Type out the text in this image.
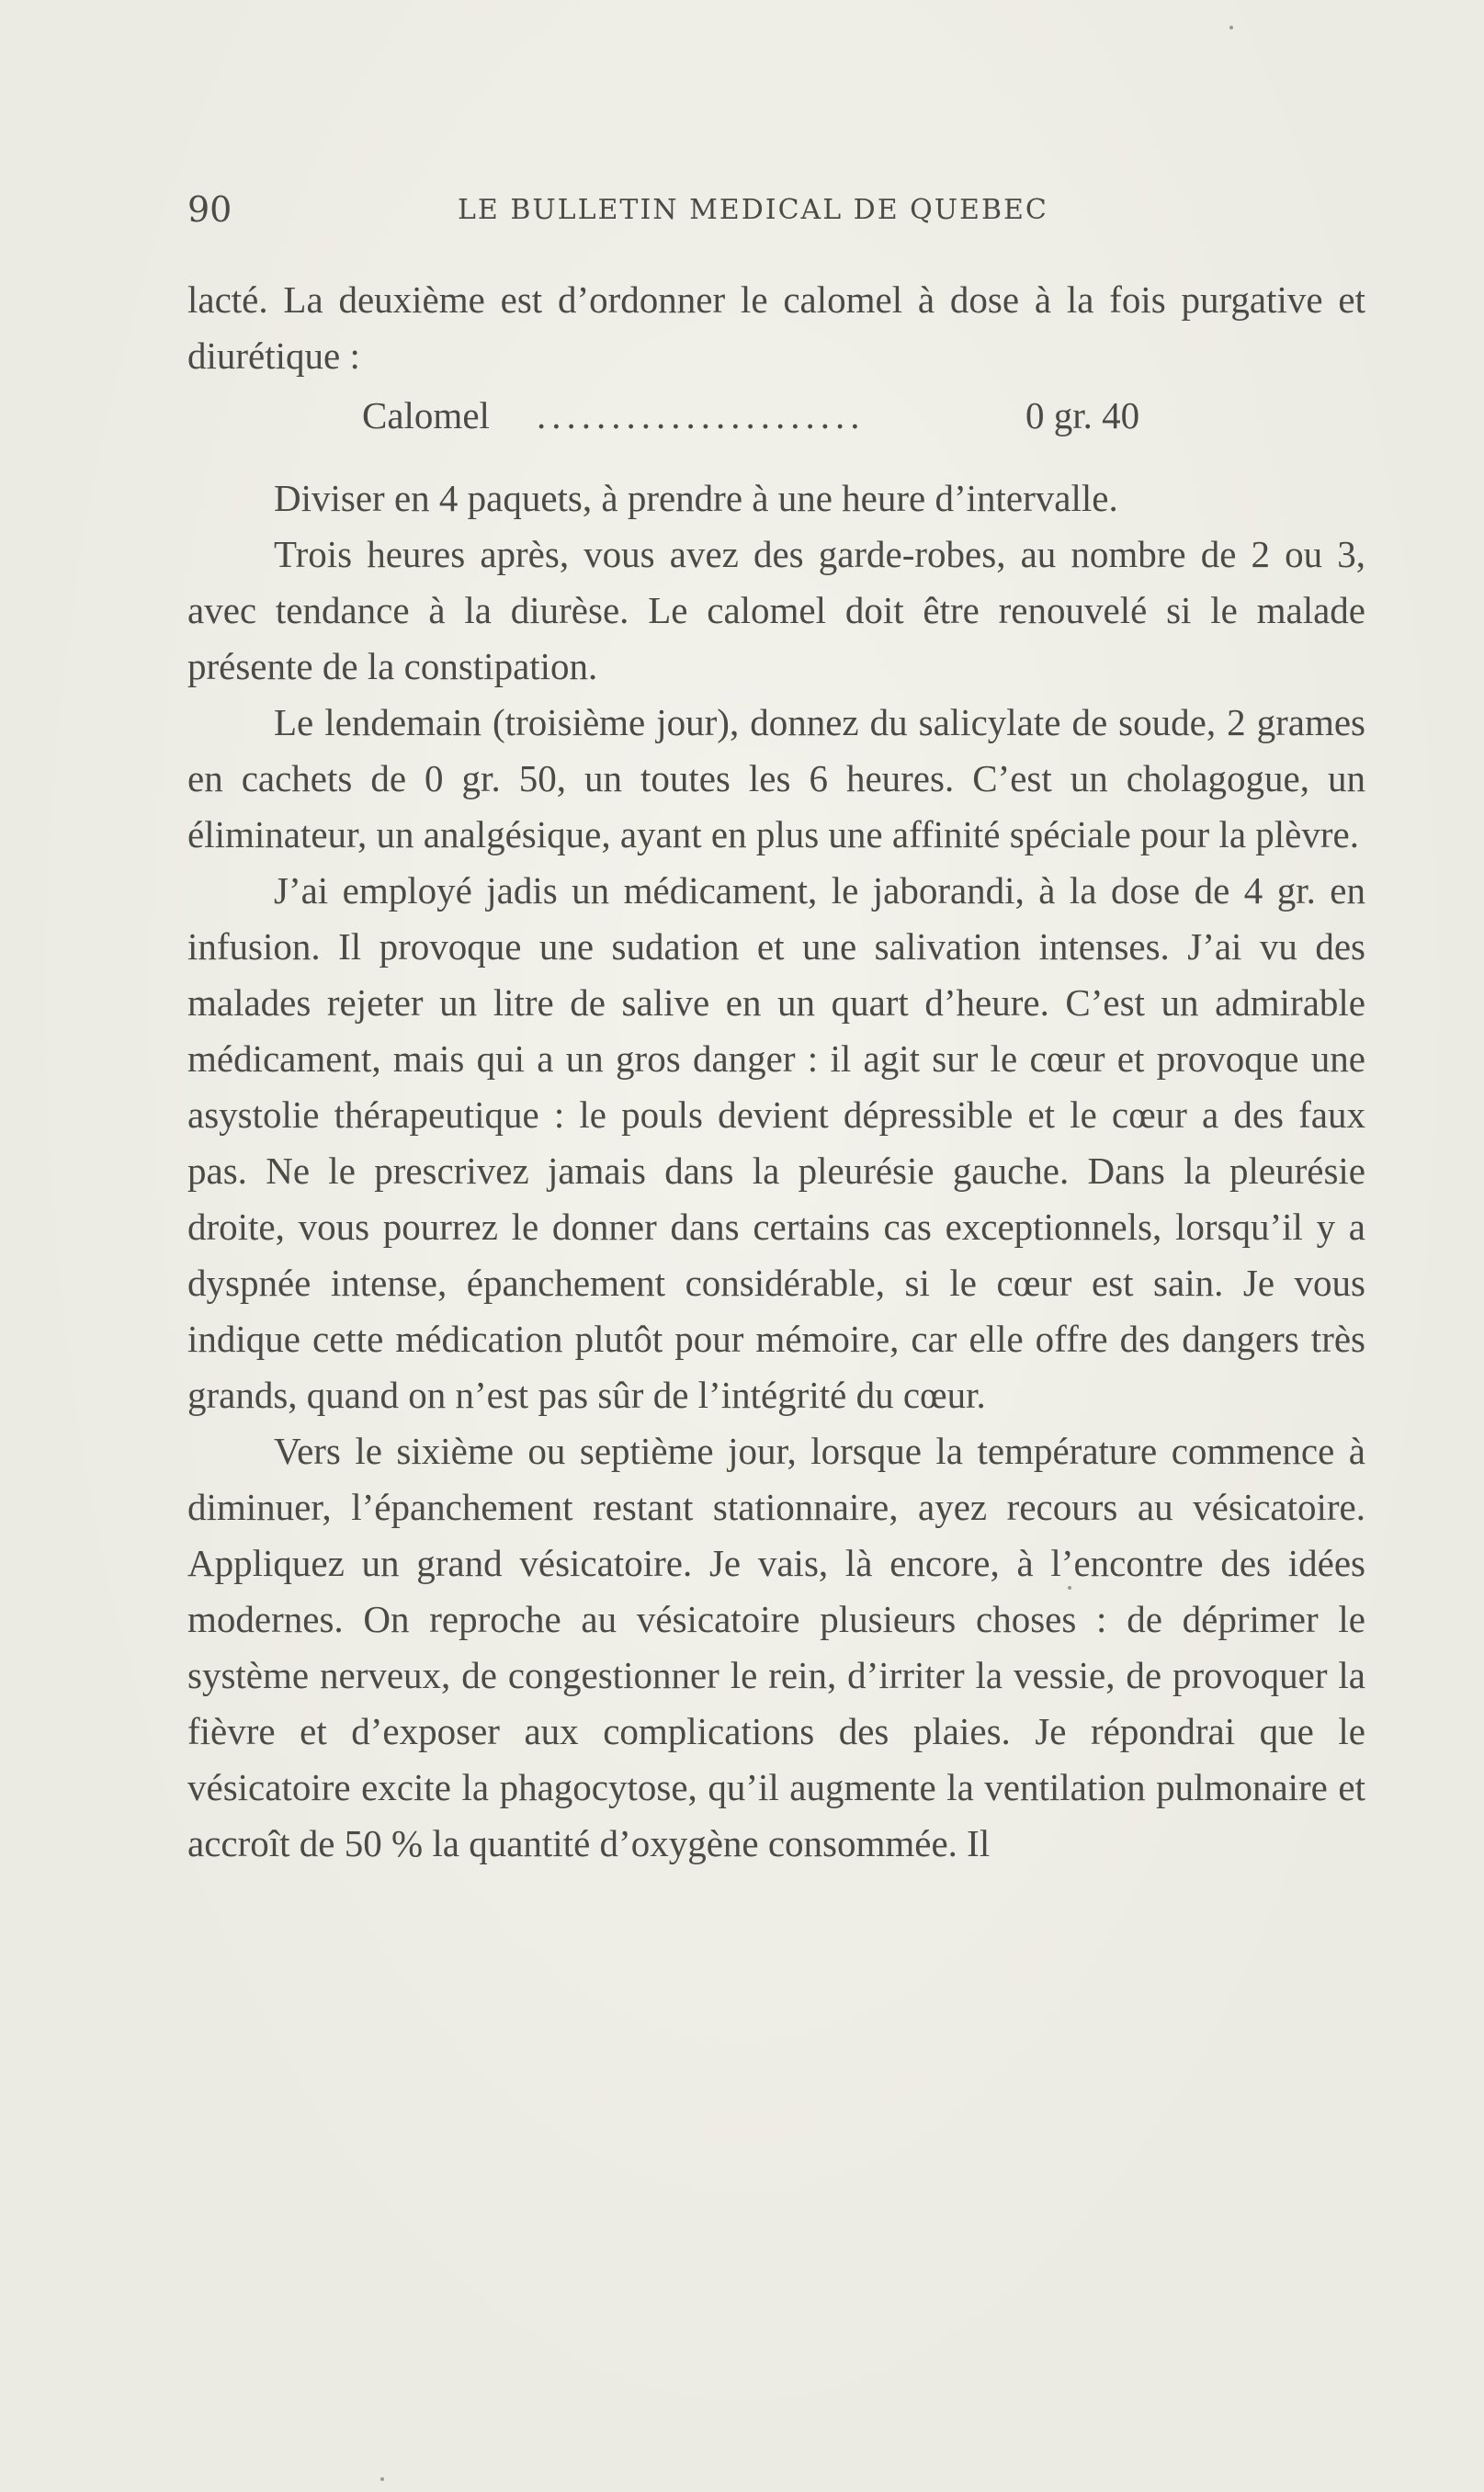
90	LE BULLETIN MEDICAL DE QUEBEC

lacté. La deuxième est d’ordonner le calomel à dose à la fois purgative et diurétique :

Calomel ......................	0 gr. 40

Diviser en 4 paquets, à prendre à une heure d’intervalle.

Trois heures après, vous avez des garde-robes, au nombre de 2 ou 3, avec tendance à la diurèse. Le calomel doit être renouvelé si le malade présente de la constipation.

Le lendemain (troisième jour), donnez du salicylate de soude, 2 grames en cachets de 0 gr. 50, un toutes les 6 heures. C’est un cholagogue, un éliminateur, un analgésique, ayant en plus une affinité spéciale pour la plèvre.

J’ai employé jadis un médicament, le jaborandi, à la dose de 4 gr. en infusion. Il provoque une sudation et une salivation intenses. J’ai vu des malades rejeter un litre de salive en un quart d’heure. C’est un admirable médicament, mais qui a un gros danger : il agit sur le cœur et provoque une asystolie thérapeutique : le pouls devient dépressible et le cœur a des faux pas. Ne le prescrivez jamais dans la pleurésie gauche. Dans la pleurésie droite, vous pourrez le donner dans certains cas exceptionnels, lorsqu’il y a dyspnée intense, épanchement considérable, si le cœur est sain. Je vous indique cette médication plutôt pour mémoire, car elle offre des dangers très grands, quand on n’est pas sûr de l’intégrité du cœur.

Vers le sixième ou septième jour, lorsque la température commence à diminuer, l’épanchement restant stationnaire, ayez recours au vésicatoire. Appliquez un grand vésicatoire. Je vais, là encore, à l’encontre des idées modernes. On reproche au vésicatoire plusieurs choses : de déprimer le système nerveux, de congestionner le rein, d’irriter la vessie, de provoquer la fièvre et d’exposer aux complications des plaies. Je répondrai que le vésicatoire excite la phagocytose, qu’il augmente la ventilation pulmonaire et accroît de 50 % la quantité d’oxygène consommée. Il
